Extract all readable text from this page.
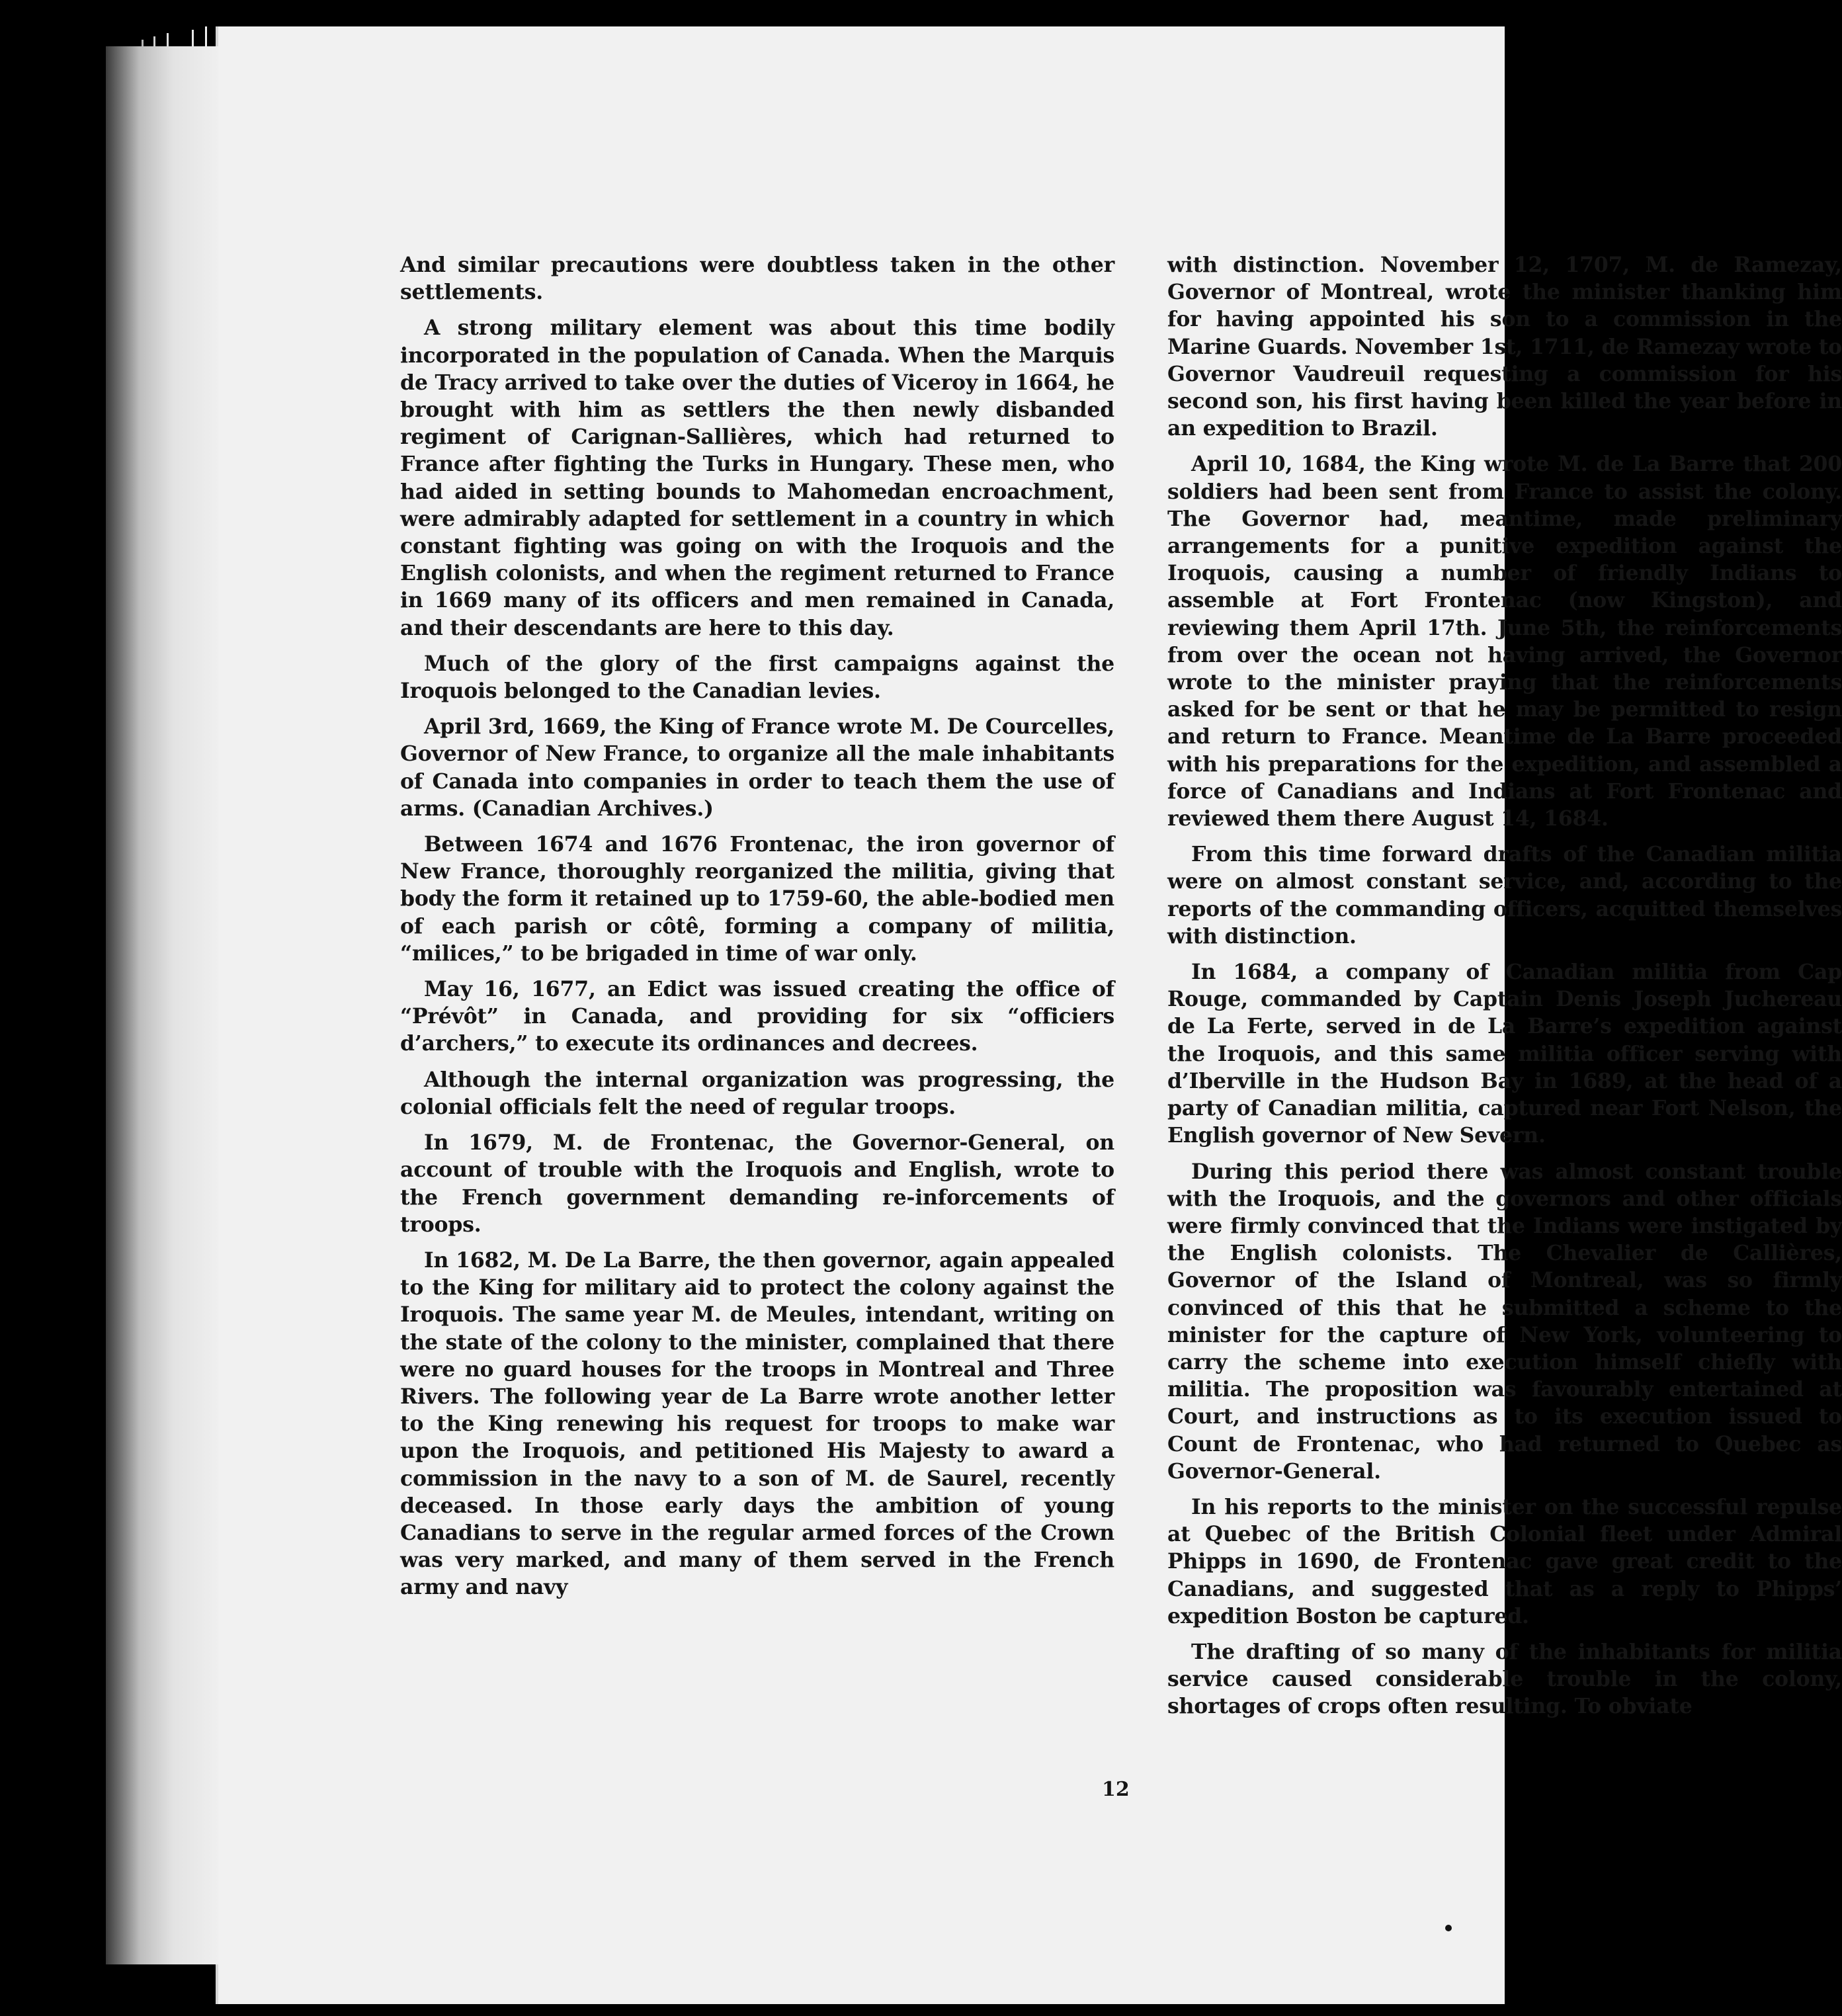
And similar precautions were doubtless taken in the other settlements.

A strong military element was about this time bodily incorporated in the population of Canada. When the Marquis de Tracy arrived to take over the duties of Viceroy in 1664, he brought with him as settlers the then newly disbanded regiment of Carignan-Sallières, which had returned to France after fighting the Turks in Hungary. These men, who had aided in setting bounds to Mahomedan encroachment, were admirably adapted for settlement in a country in which constant fighting was going on with the Iroquois and the English colonists, and when the regiment returned to France in 1669 many of its officers and men remained in Canada, and their descendants are here to this day.

Much of the glory of the first campaigns against the Iroquois belonged to the Canadian levies.

April 3rd, 1669, the King of France wrote M. De Courcelles, Governor of New France, to organize all the male inhabitants of Canada into companies in order to teach them the use of arms. (Canadian Archives.)

Between 1674 and 1676 Frontenac, the iron governor of New France, thoroughly reorganized the militia, giving that body the form it retained up to 1759-60, the able-bodied men of each parish or côtê, forming a company of militia, “milices,” to be brigaded in time of war only.

May 16, 1677, an Edict was issued creating the office of “Prévôt” in Canada, and providing for six “officiers d’archers,” to execute its ordinances and decrees.

Although the internal organization was progressing, the colonial officials felt the need of regular troops.

In 1679, M. de Frontenac, the Governor-General, on account of trouble with the Iroquois and English, wrote to the French government demanding re-inforcements of troops.

In 1682, M. De La Barre, the then governor, again appealed to the King for military aid to protect the colony against the Iroquois. The same year M. de Meules, intendant, writing on the state of the colony to the minister, complained that there were no guard houses for the troops in Montreal and Three Rivers. The following year de La Barre wrote another letter to the King renewing his request for troops to make war upon the Iroquois, and petitioned His Majesty to award a commission in the navy to a son of M. de Saurel, recently deceased. In those early days the ambition of young Canadians to serve in the regular armed forces of the Crown was very marked, and many of them served in the French army and navy

with distinction. November 12, 1707, M. de Ramezay, Governor of Montreal, wrote the minister thanking him for having appointed his son to a commission in the Marine Guards. November 1st, 1711, de Ramezay wrote to Governor Vaudreuil requesting a commission for his second son, his first having been killed the year before in an expedition to Brazil.

April 10, 1684, the King wrote M. de La Barre that 200 soldiers had been sent from France to assist the colony. The Governor had, meantime, made preliminary arrangements for a punitive expedition against the Iroquois, causing a number of friendly Indians to assemble at Fort Frontenac (now Kingston), and reviewing them April 17th. June 5th, the reinforcements from over the ocean not having arrived, the Governor wrote to the minister praying that the reinforcements asked for be sent or that he may be permitted to resign and return to France. Meantime de La Barre proceeded with his preparations for the expedition, and assembled a force of Canadians and Indians at Fort Frontenac and reviewed them there August 14, 1684.

From this time forward drafts of the Canadian militia were on almost constant service, and, according to the reports of the commanding officers, acquitted themselves with distinction.

In 1684, a company of Canadian militia from Cap Rouge, commanded by Captain Denis Joseph Juchereau de La Ferte, served in de La Barre’s expedition against the Iroquois, and this same militia officer serving with d’Iberville in the Hudson Bay in 1689, at the head of a party of Canadian militia, captured near Fort Nelson, the English governor of New Severn.

During this period there was almost constant trouble with the Iroquois, and the governors and other officials were firmly convinced that the Indians were instigated by the English colonists. The Chevalier de Callières, Governor of the Island of Montreal, was so firmly convinced of this that he submitted a scheme to the minister for the capture of New York, volunteering to carry the scheme into execution himself chiefly with militia. The proposition was favourably entertained at Court, and instructions as to its execution issued to Count de Frontenac, who had returned to Quebec as Governor-General.

In his reports to the minister on the successful repulse at Quebec of the British Colonial fleet under Admiral Phipps in 1690, de Frontenac gave great credit to the Canadians, and suggested that as a reply to Phipps’ expedition Boston be captured.

The drafting of so many of the inhabitants for militia service caused considerable trouble in the colony, shortages of crops often resulting. To obviate

12
